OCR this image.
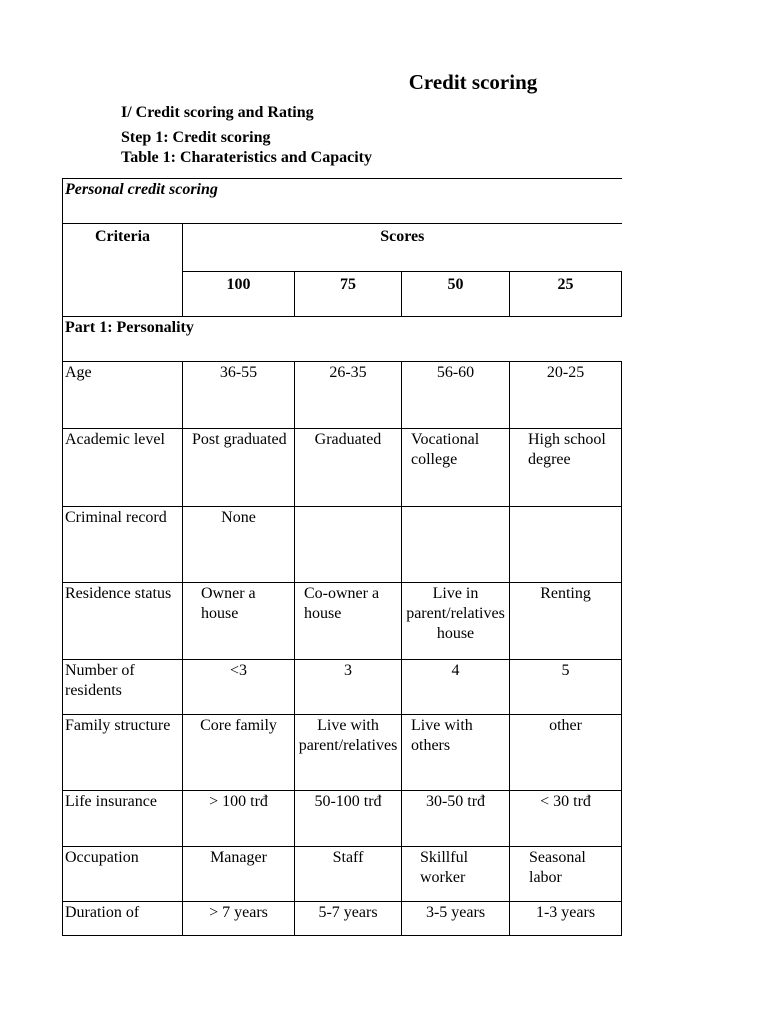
Credit scoring
I/ Credit scoring and Rating
Step 1: Credit scoring
Table 1: Charateristics and Capacity
Personal credit scoring				
Criteria	Scores			
	100	75	50	25
Part 1: Personality				
Age	36-55	26-35	56-60	20-25
Academic level	Post graduated	Graduated	Vocational college	High school degree
Criminal record	None			
Residence status	Owner a house	Co-owner a house	Live in parent/relatives house	Renting
Number of residents	<3	3	4	5
Family structure	Core family	Live with parent/relatives	Live with others	other
Life insurance	> 100 trđ	50-100 trđ	30-50 trđ	< 30 trđ
Occupation	Manager	Staff	Skillful worker	Seasonal labor
Duration of	> 7 years	5-7 years	3-5 years	1-3 years
